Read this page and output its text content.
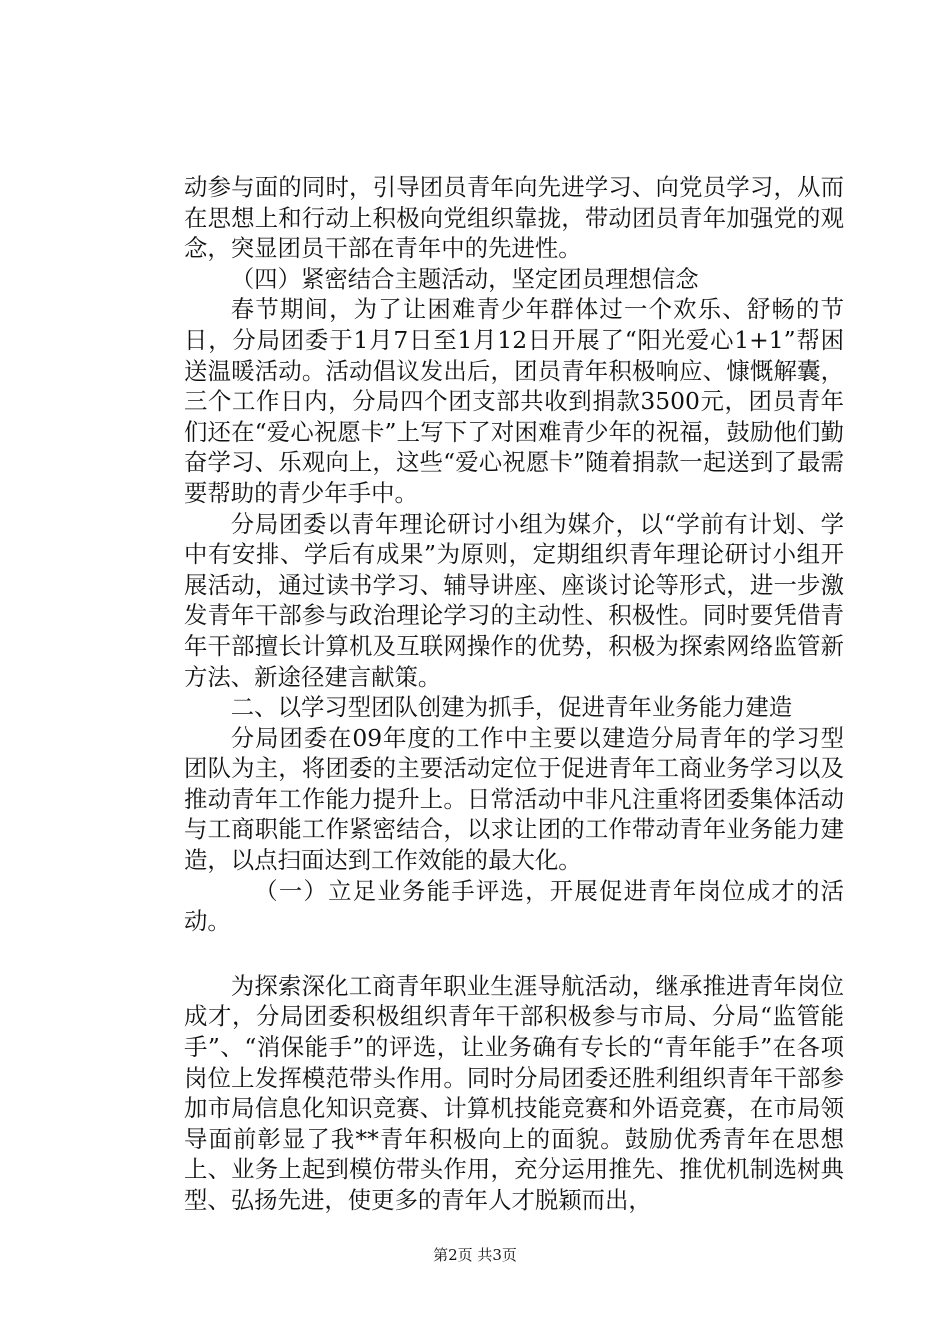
动参与面的同时，引导团员青年向先进学习、向党员学习，从而在思想上和行动上积极向党组织靠拢，带动团员青年加强党的观念，突显团员干部在青年中的先进性。

（四）紧密结合主题活动，坚定团员理想信念

春节期间，为了让困难青少年群体过一个欢乐、舒畅的节日，分局团委于1月7日至1月12日开展了“阳光爱心1+1”帮困送温暖活动。活动倡议发出后，团员青年积极响应、慷慨解囊，三个工作日内，分局四个团支部共收到捐款3500元，团员青年们还在“爱心祝愿卡”上写下了对困难青少年的祝福，鼓励他们勤奋学习、乐观向上，这些“爱心祝愿卡”随着捐款一起送到了最需要帮助的青少年手中。

分局团委以青年理论研讨小组为媒介，以“学前有计划、学中有安排、学后有成果”为原则，定期组织青年理论研讨小组开展活动，通过读书学习、辅导讲座、座谈讨论等形式，进一步激发青年干部参与政治理论学习的主动性、积极性。同时要凭借青年干部擅长计算机及互联网操作的优势，积极为探索网络监管新方法、新途径建言献策。

二、以学习型团队创建为抓手，促进青年业务能力建造

分局团委在09年度的工作中主要以建造分局青年的学习型团队为主，将团委的主要活动定位于促进青年工商业务学习以及推动青年工作能力提升上。日常活动中非凡注重将团委集体活动与工商职能工作紧密结合，以求让团的工作带动青年业务能力建造，以点扫面达到工作效能的最大化。

（一）立足业务能手评选，开展促进青年岗位成才的活动。

为探索深化工商青年职业生涯导航活动，继承推进青年岗位成才，分局团委积极组织青年干部积极参与市局、分局“监管能手”、“消保能手”的评选，让业务确有专长的“青年能手”在各项岗位上发挥模范带头作用。同时分局团委还胜利组织青年干部参加市局信息化知识竞赛、计算机技能竞赛和外语竞赛，在市局领导面前彰显了我**青年积极向上的面貌。鼓励优秀青年在思想上、业务上起到模仿带头作用，充分运用推先、推优机制选树典型、弘扬先进，使更多的青年人才脱颖而出，

第2页 共3页
